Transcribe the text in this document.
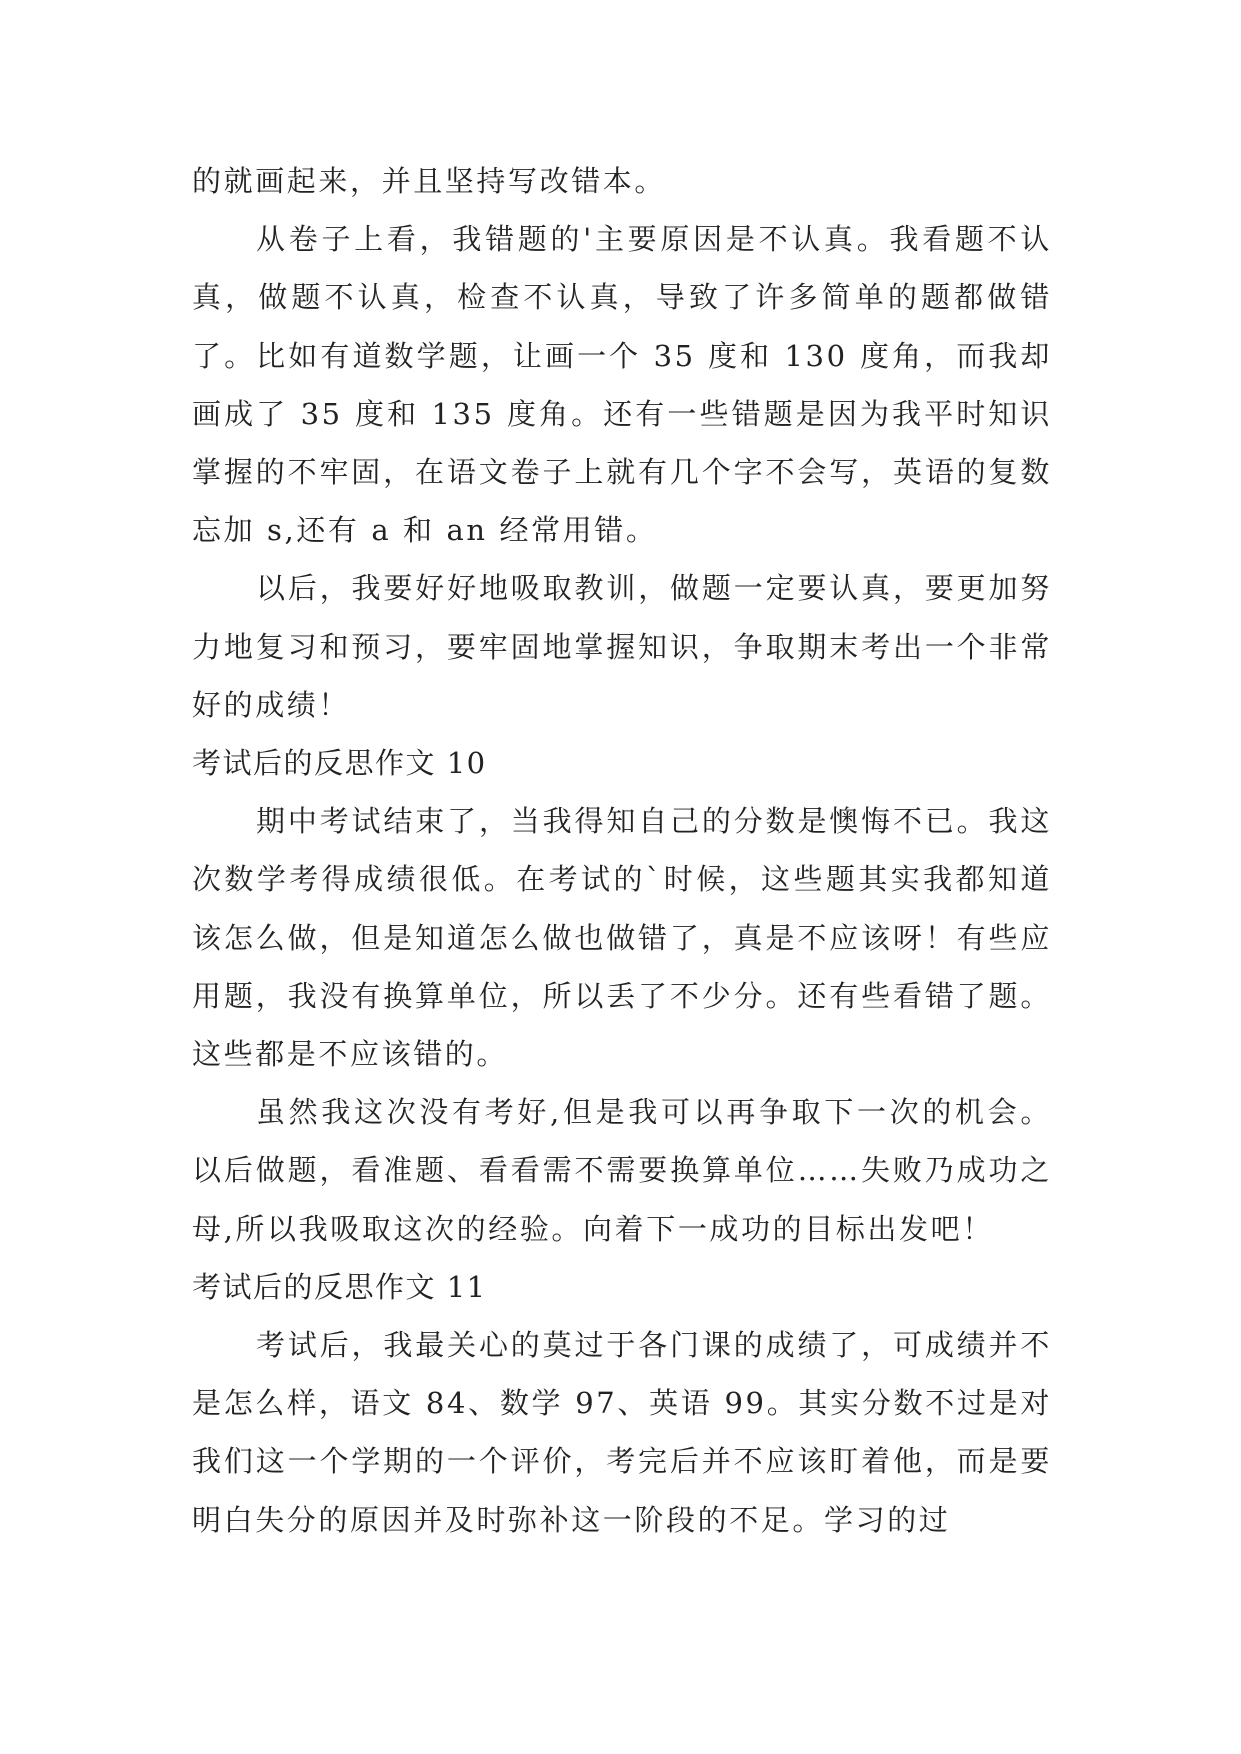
的就画起来，并且坚持写改错本。

从卷子上看，我错题的'主要原因是不认真。我看题不认真，做题不认真，检查不认真，导致了许多简单的题都做错了。比如有道数学题，让画一个 35 度和 130 度角，而我却画成了 35 度和 135 度角。还有一些错题是因为我平时知识掌握的不牢固，在语文卷子上就有几个字不会写，英语的复数忘加 s,还有 a 和 an 经常用错。

以后，我要好好地吸取教训，做题一定要认真，要更加努力地复习和预习，要牢固地掌握知识，争取期末考出一个非常好的成绩！

考试后的反思作文 10

期中考试结束了，当我得知自己的分数是懊悔不已。我这次数学考得成绩很低。在考试的`时候，这些题其实我都知道该怎么做，但是知道怎么做也做错了，真是不应该呀！有些应用题，我没有换算单位，所以丢了不少分。还有些看错了题。这些都是不应该错的。

虽然我这次没有考好,但是我可以再争取下一次的机会。以后做题，看准题、看看需不需要换算单位……失败乃成功之母,所以我吸取这次的经验。向着下一成功的目标出发吧！

考试后的反思作文 11

考试后，我最关心的莫过于各门课的成绩了，可成绩并不是怎么样，语文 84、数学 97、英语 99。其实分数不过是对我们这一个学期的一个评价，考完后并不应该盯着他，而是要明白失分的原因并及时弥补这一阶段的不足。学习的过
